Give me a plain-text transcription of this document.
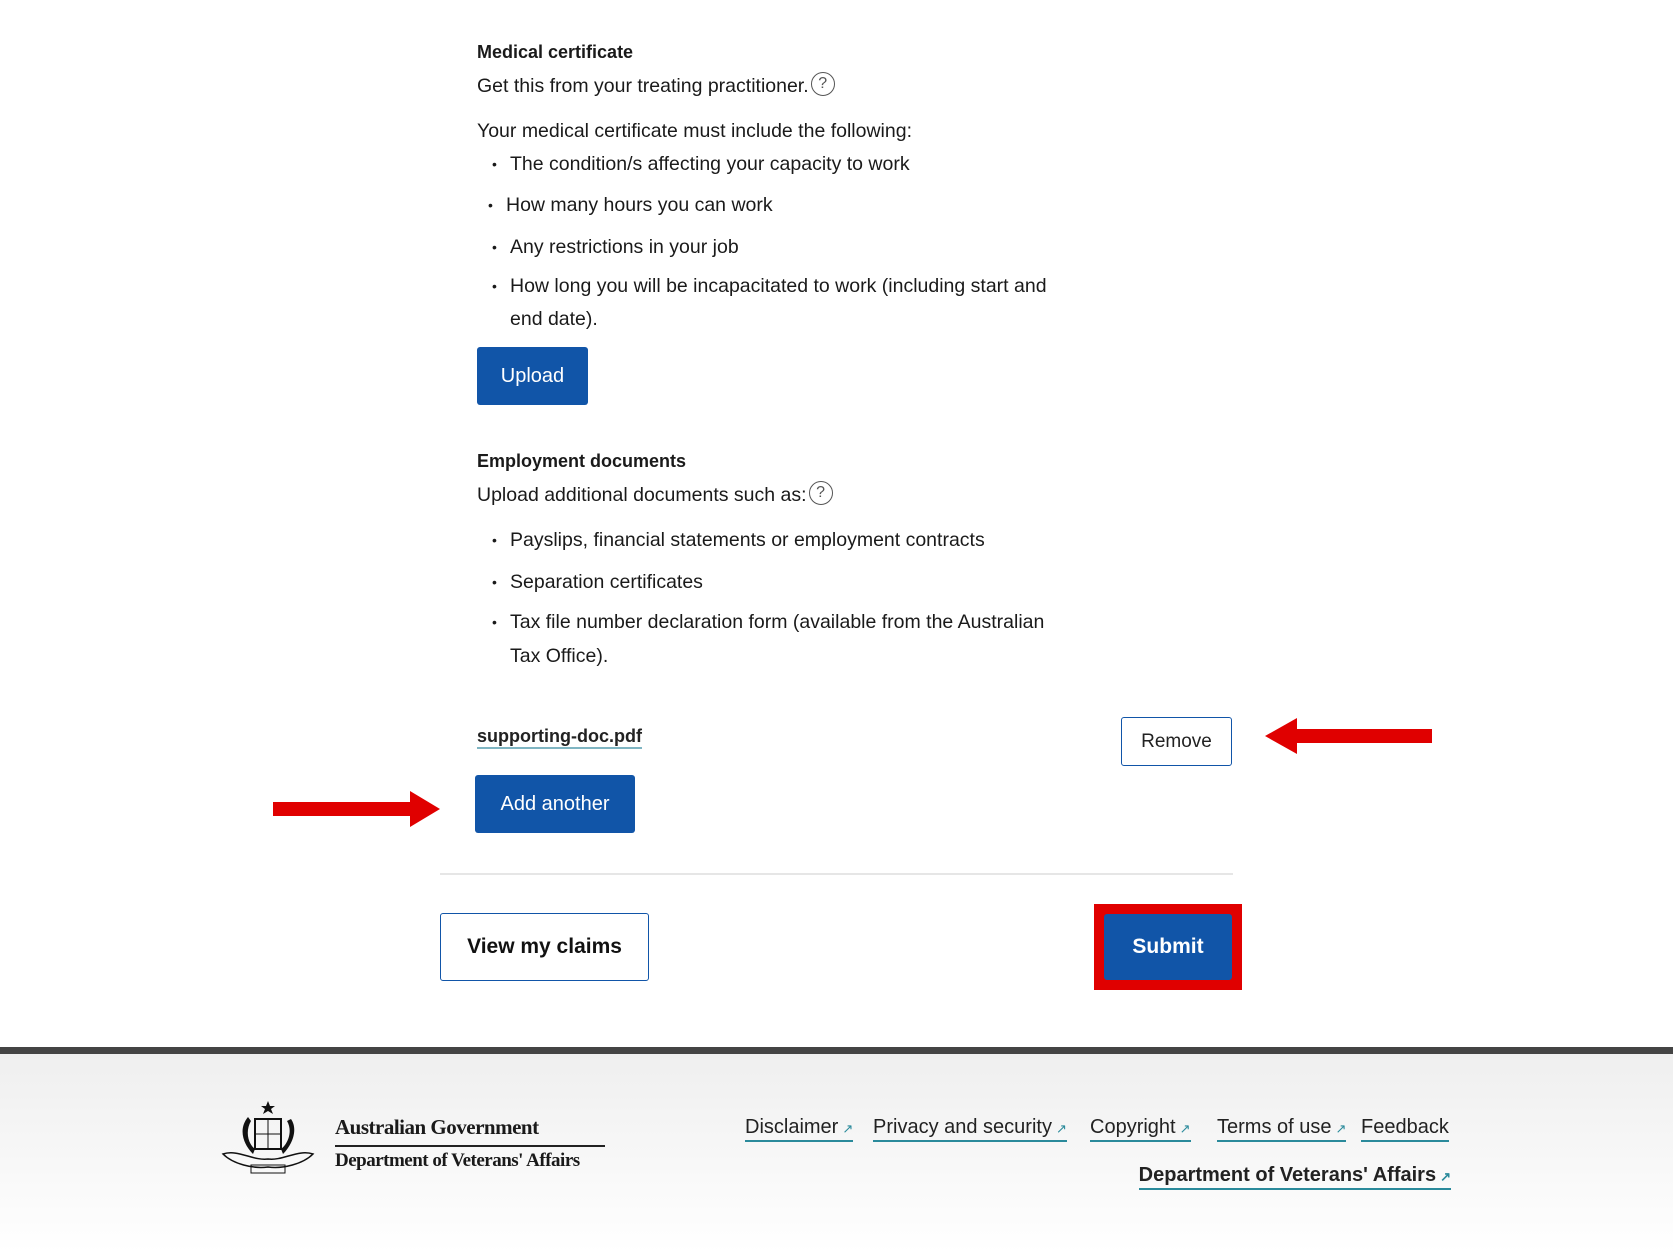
Medical certificate
Get this from your treating practitioner. ?
Your medical certificate must include the following:
• The condition/s affecting your capacity to work
• How many hours you can work
• Any restrictions in your job
• How long you will be incapacitated to work (including start and
end date).
Upload
Employment documents
Upload additional documents such as: ?
• Payslips, financial statements or employment contracts
• Separation certificates
• Tax file number declaration form (available from the Australian
Tax Office).
supporting-doc.pdf	Remove
Add another
View my claims	Submit
Australian Government
Department of Veterans' Affairs
Disclaimer ↗ Privacy and security ↗ Copyright ↗ Terms of use ↗ Feedback
Department of Veterans' Affairs ↗
